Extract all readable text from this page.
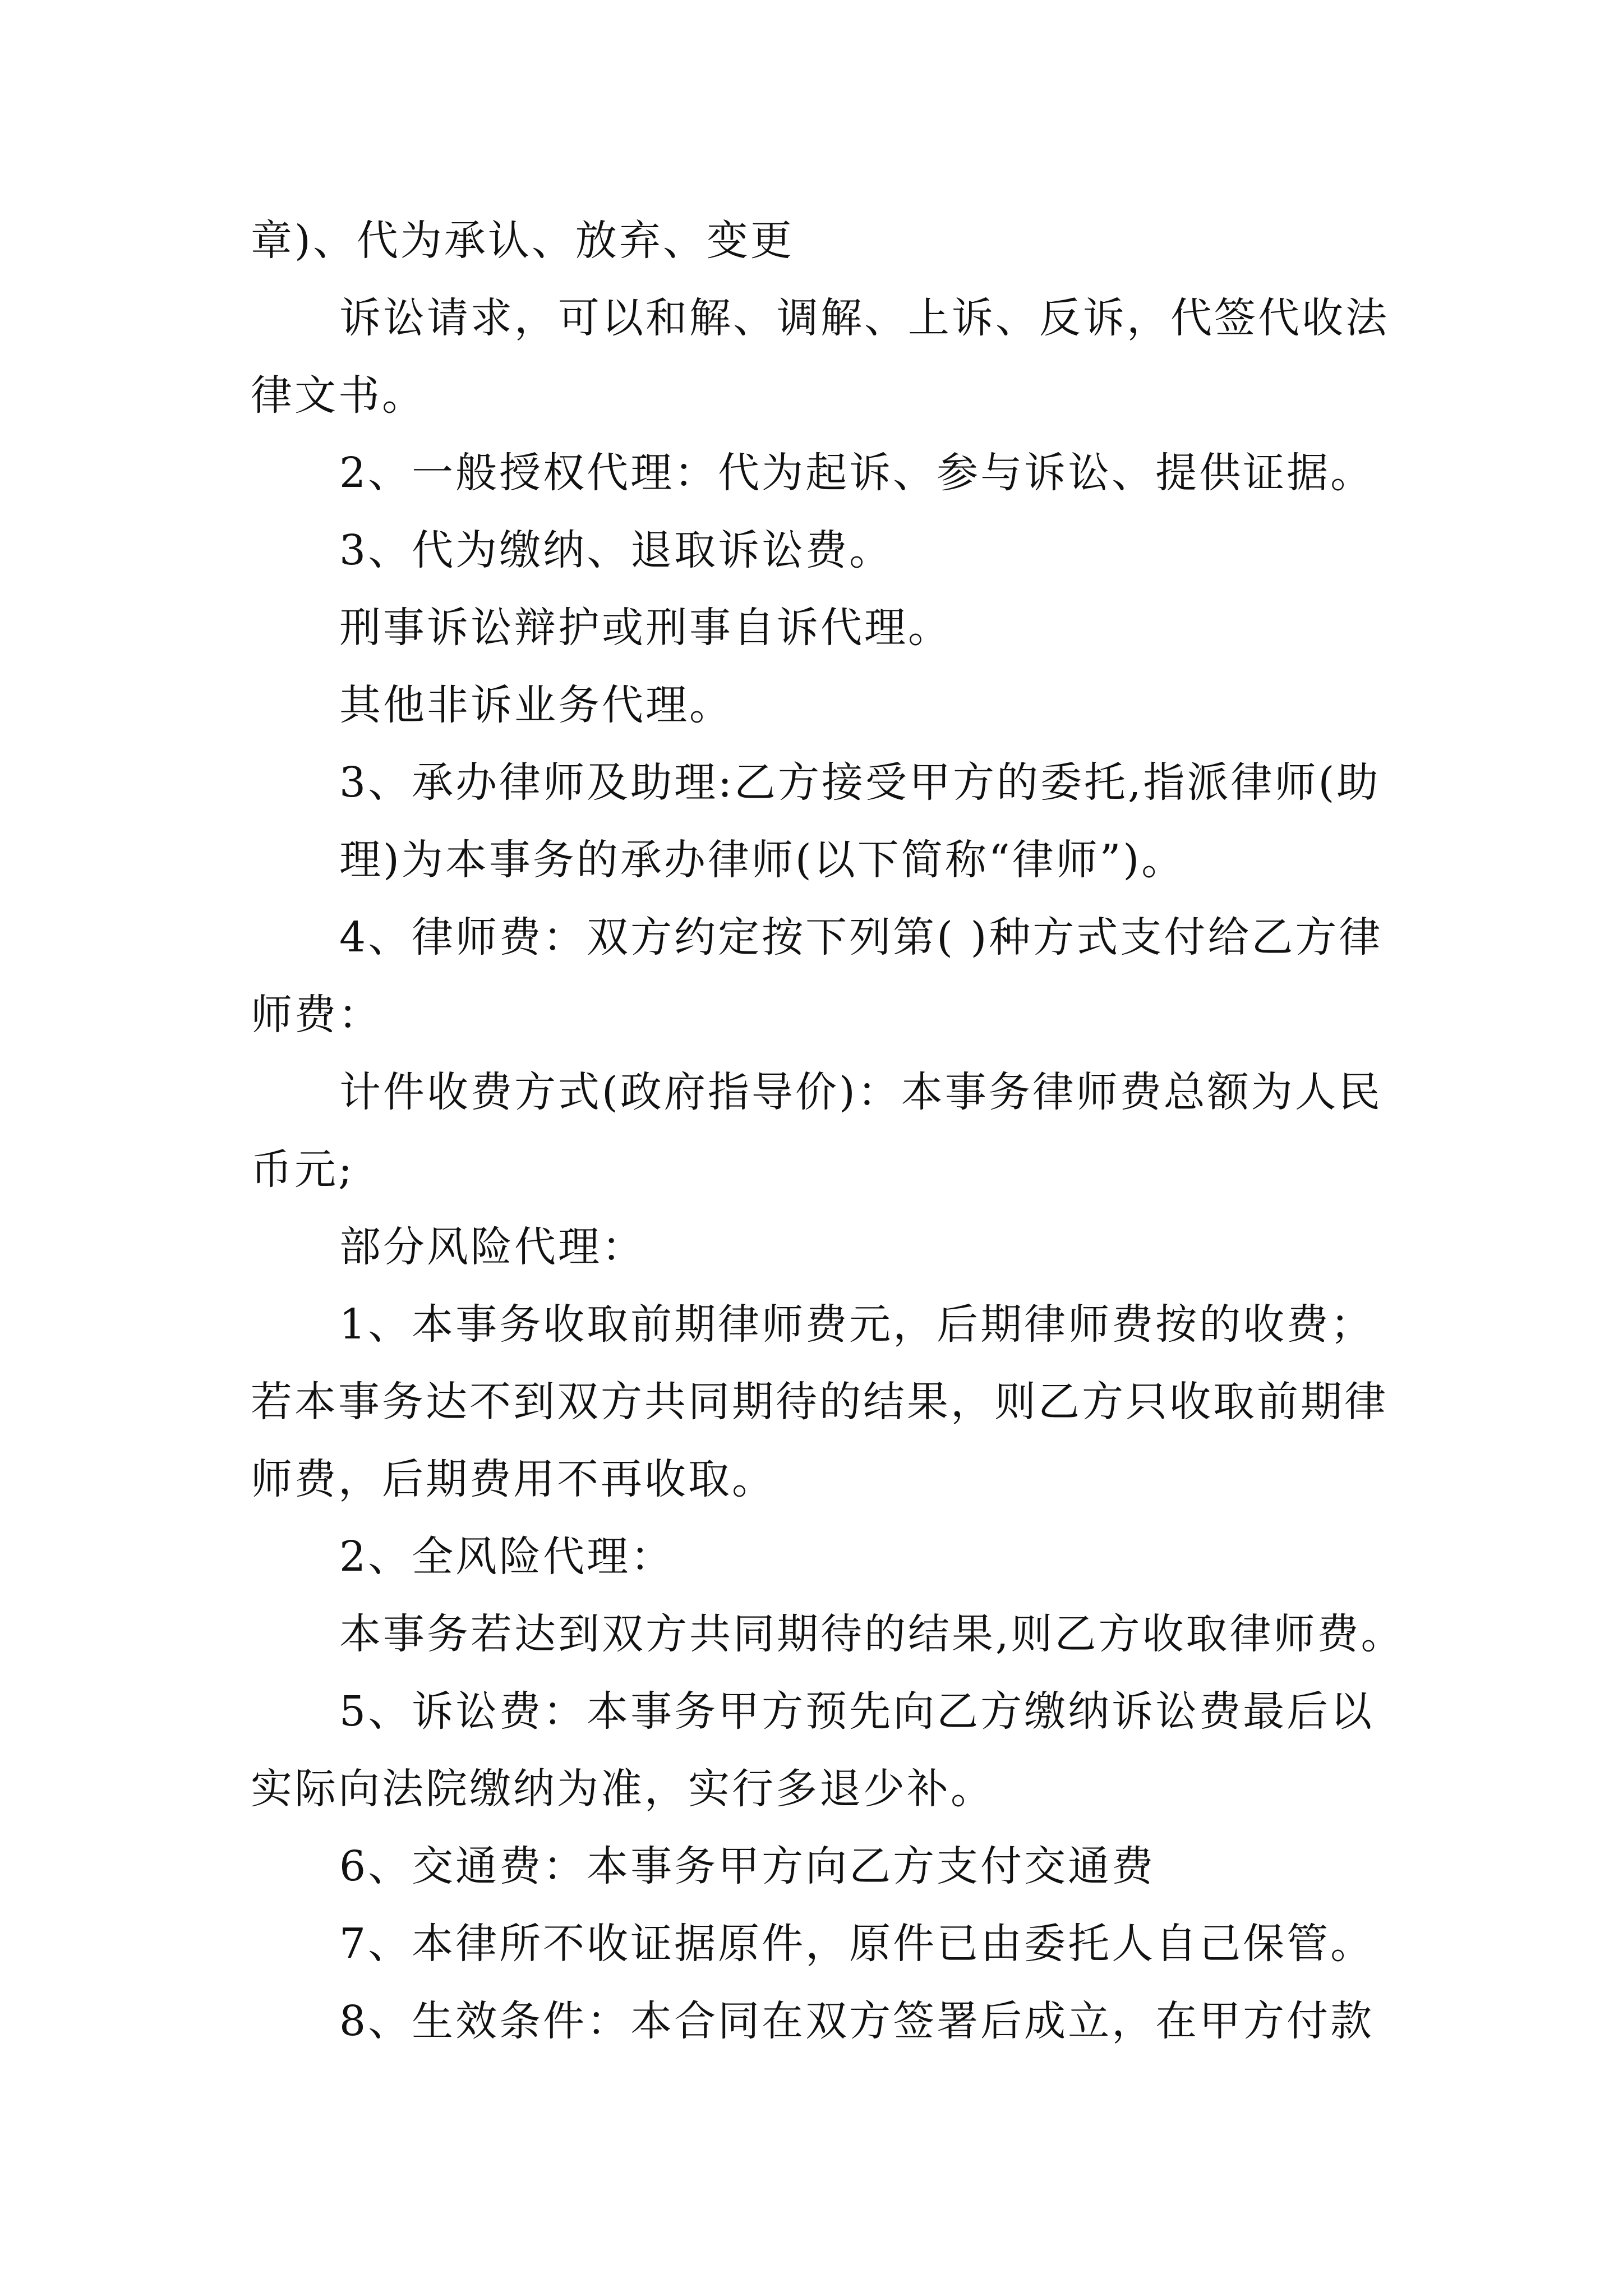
章)、代为承认、放弃、变更
诉讼请求，可以和解、调解、上诉、反诉，代签代收法
律文书。
2、一般授权代理：代为起诉、参与诉讼、提供证据。
3、代为缴纳、退取诉讼费。
刑事诉讼辩护或刑事自诉代理。
其他非诉业务代理。
3、承办律师及助理:乙方接受甲方的委托,指派律师(助
理)为本事务的承办律师(以下简称“律师”)。
4、律师费：双方约定按下列第( )种方式支付给乙方律
师费：
计件收费方式(政府指导价)：本事务律师费总额为人民
币元;
部分风险代理：
1、本事务收取前期律师费元，后期律师费按的收费；
若本事务达不到双方共同期待的结果，则乙方只收取前期律
师费，后期费用不再收取。
2、全风险代理：
本事务若达到双方共同期待的结果,则乙方收取律师费。
5、诉讼费：本事务甲方预先向乙方缴纳诉讼费最后以
实际向法院缴纳为准，实行多退少补。
6、交通费：本事务甲方向乙方支付交通费
7、本律所不收证据原件，原件已由委托人自己保管。
8、生效条件：本合同在双方签署后成立，在甲方付款
